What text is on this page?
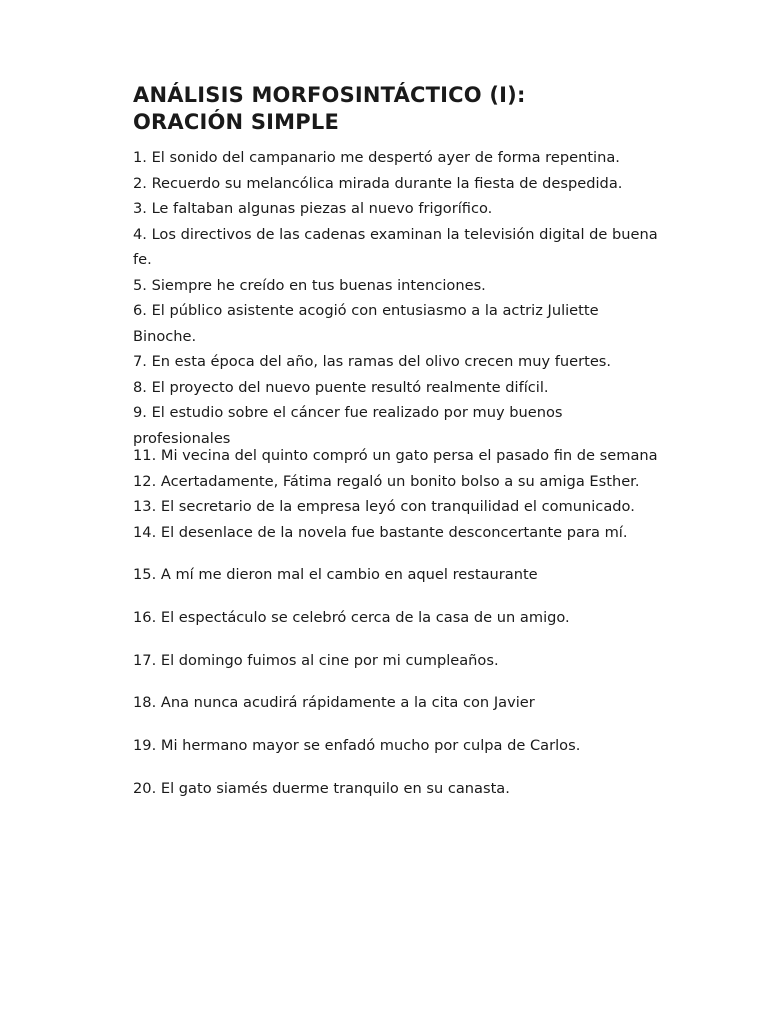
ANÁLISIS MORFOSINTÁCTICO (I):
ORACIÓN SIMPLE
1. El sonido del campanario me despertó ayer de forma repentina.
2. Recuerdo su melancólica mirada durante la fiesta de despedida.
3. Le faltaban algunas piezas al nuevo frigorífico.
4. Los directivos de las cadenas examinan la televisión digital de buena fe.
5. Siempre he creído en tus buenas intenciones.
6. El público asistente acogió con entusiasmo a la actriz Juliette Binoche.
7. En esta época del año, las ramas del olivo crecen muy fuertes.
8. El proyecto del nuevo puente resultó realmente difícil.
9. El estudio sobre el cáncer fue realizado por muy buenos profesionales
11. Mi vecina del quinto compró un gato persa el pasado fin de semana
12. Acertadamente, Fátima regaló un bonito bolso a su amiga Esther.
13. El secretario de la empresa leyó con tranquilidad el comunicado.
14. El desenlace de la novela fue bastante desconcertante para mí.
15. A mí me dieron mal el cambio en aquel restaurante
16. El espectáculo se celebró cerca de la casa de un amigo.
17. El domingo fuimos al cine por mi cumpleaños.
18. Ana nunca acudirá rápidamente a la cita con Javier
19. Mi hermano mayor se enfadó mucho por culpa de Carlos.
20. El gato siamés duerme tranquilo en su canasta.
